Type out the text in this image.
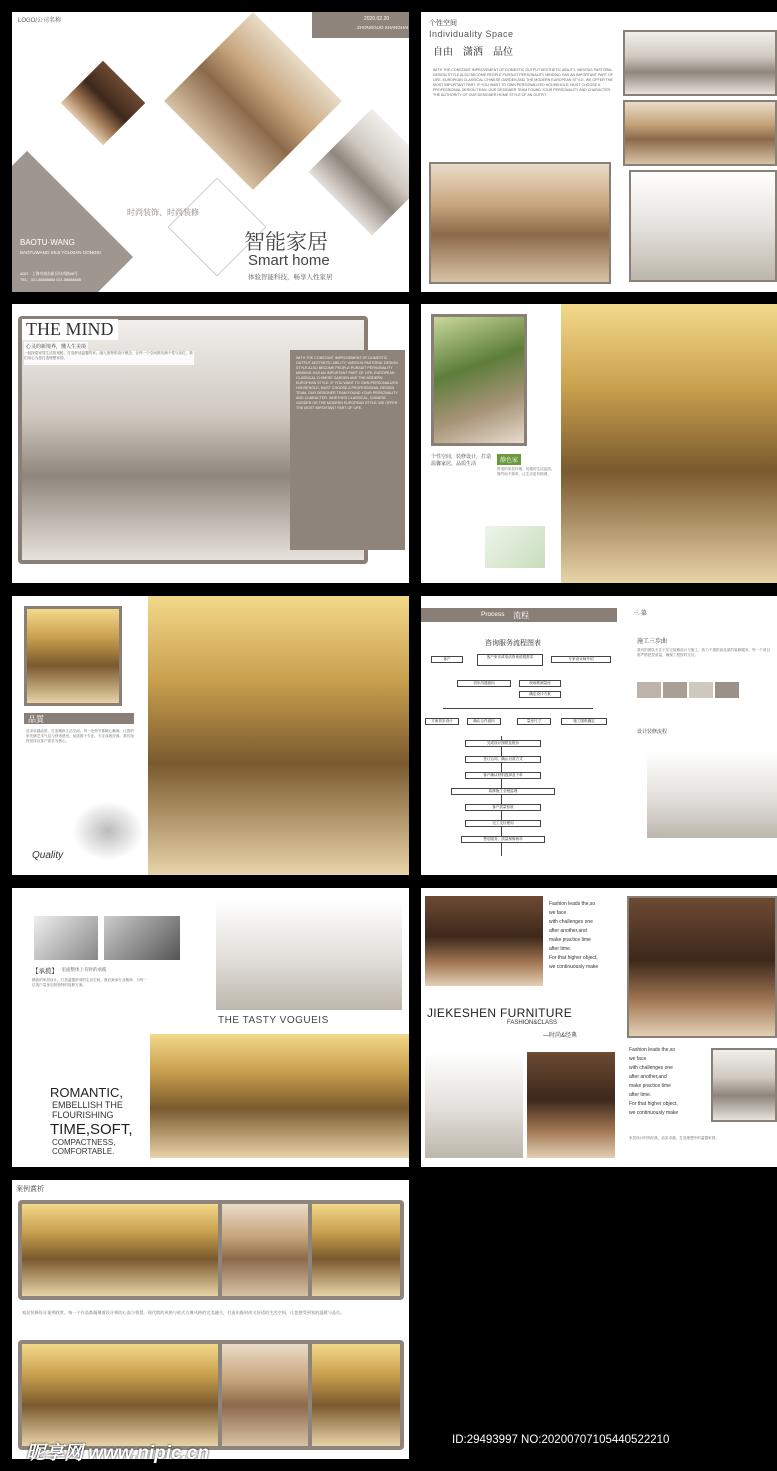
LOGO/公司名称	2020.02.20
ZHONGGUO SHANGHAI
时尚装饰、时尚装修
BAOTU·WANG
BAOTUWANG KEJI YOUXIAN GONGSI
ADD：上海市浦东新区时尚路88号
TEL：021-88888888 021-88888888
智能家居
Smart home
体验智能科技，畅享人性家居
个性空间
Individuality Space
自由　潇洒　品位
WITH THE CONSTANT IMPROVEMENT OF DOMESTIC OUTPUT AESTHETIC ABILITY, VARIOUS PASTORAL DESIGN STYLE ALSO BECOME PEOPLE PURSUIT PERSONALITY MINDING HAS AN IMPORTANT PART OF LIFE. EUROPEAN CLASSICAL CHINESE GARDEN AND THE MODERN EUROPEAN STYLE. WE OFFER THE MOST IMPORTANT PART. IF YOU WANT TO OWN PERSONALIZED HOUSEHOLD, MUST CHOOSE A PROFESSIONAL DESIGN TEAM. OUR DESIGNER TEAM FOUND YOUR PERSONALITY AND CHARACTER. THE AUTHORITY OF OUR DESIGNER HOME STYLE OF AN OUTFIT.
THE MIND
心灵的新境界，懂人生美境
一起探索家居生活的奥秘，打造舒适温馨的家。融入独特的设计理念，让每一个空间都充满个性与品位，我们用心为您打造理想家园。	WITH THE CONSTANT IMPROVEMENT OF DOMESTIC OUTPUT AESTHETIC ABILITY, VARIOUS PASTORAL DESIGN STYLE ALSO BECOME PEOPLE PURSUIT PERSONALITY MINDING HAS AN IMPORTANT PART OF LIFE. EUROPEAN CLASSICAL CHINESE GARDEN AND THE MODERN EUROPEAN STYLE. IF YOU WANT TO OWN PERSONALIZED HOUSEHOLD, MUST CHOOSE A PROFESSIONAL DESIGN TEAM. OUR DESIGNER TEAM FOUND YOUR PERSONALITY AND CHARACTER. WHETHER CLASSICAL, CHINESE GARDEN OR THE MODERN EUROPEAN STYLE, WE OFFER THE MOST IMPORTANT PART OF LIFE.
个性空间，装修设计，打造温馨家居，品质生活	静色家
舒适的家居环境，优雅的生活品质。简约而不简单，让生活更有格调。
品質
追求卓越品质，打造精致生活空间。每一处细节都精心雕琢，让您的家充满艺术气息与舒适感受。品质源于专业，专注成就经典，我们始终坚持以客户需求为核心。
Quality
Process 流程
咨询服务流程图表
客户	客户来访或电话咨询说明需求	专家设计师介绍
初步沟通意向	现场勘测量房
确定设计方案
方案初步设计	确认合作意向	量房尺寸	施工图纸确定
完成设计图纸及报价
签订合同，确认付款方式
客户确认材料选择及下单
装修施工全程监理
客户质量验收
完工交付使用
售后服务，质量保修两年
三·第
施工三步曲
我们的团队专注于住宅装修设计与施工，致力于提供高品质的装修服务。每一个项目都严格把控质量，确保工程按时交付。
设计装修流程
【承揽】 ·里面整体上有时的承揽
精致的家居设计，打造温馨舒适的生活空间。我们秉承专业精神，为每一位客户量身定制独特的装修方案。
THE TASTY VOGUEIS
ROMANTIC,
EMBELLISH THE
FLOURISHING
TIME,SOFT,
COMPACTNESS,
COMFORTABLE.
Fashion leads the,so
we face
with challenges one
after another,and
make practice time
after time.
For that higher object,
we continuously make
JIEKESHEN FURNITURE
FASHION&CLASS
—时尚&经典
Fashion leads the,so
we face
with challenges one
after another,and
make practice time
after time.
For that higher object,
we continuously make
家居设计时尚经典，品质卓越，打造理想中的温馨家园。
案例賞析
家居装修设计案例欣赏，每一个作品都凝聚着设计师的心血与智慧。现代简约风格与欧式古典风格的完美融合，打造出既时尚又舒适的生活空间，让您感受到家的温暖与品位。
昵享网 www.nipic.cn
ID:29493997 NO:20200707105440522210
